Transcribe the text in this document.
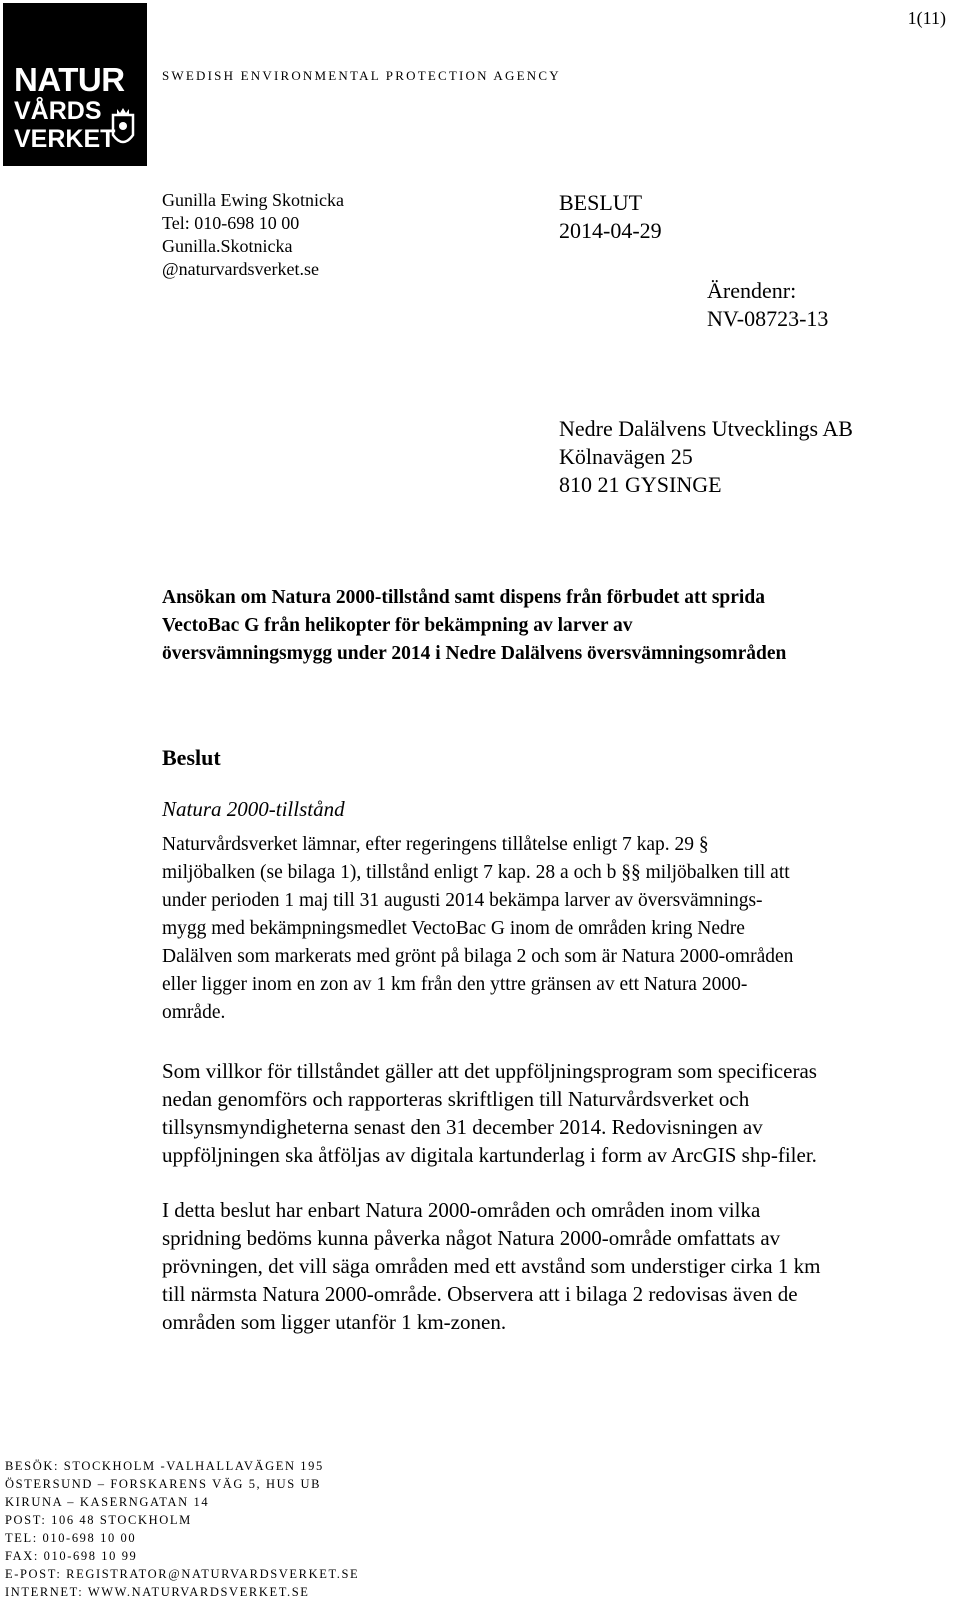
1(11)
NATUR
VÅRDS
VERKET
SWEDISH ENVIRONMENTAL PROTECTION AGENCY
Gunilla Ewing Skotnicka
Tel: 010-698 10 00
Gunilla.Skotnicka
@naturvardsverket.se
BESLUT
2014-04-29
Ärendenr:
NV-08723-13
Nedre Dalälvens Utvecklings AB
Kölnavägen 25
810 21 GYSINGE
Ansökan om Natura 2000-tillstånd samt dispens från förbudet att sprida
VectoBac G från helikopter för bekämpning av larver av
översvämningsmygg under 2014 i Nedre Dalälvens översvämningsområden
Beslut
Natura 2000-tillstånd
Naturvårdsverket lämnar, efter regeringens tillåtelse enligt 7 kap. 29 §
miljöbalken (se bilaga 1), tillstånd enligt 7 kap. 28 a och b §§ miljöbalken till att
under perioden 1 maj till 31 augusti 2014 bekämpa larver av översvämnings-
mygg med bekämpningsmedlet VectoBac G inom de områden kring Nedre
Dalälven som markerats med grönt på bilaga 2 och som är Natura 2000-områden
eller ligger inom en zon av 1 km från den yttre gränsen av ett Natura 2000-
område.
Som villkor för tillståndet gäller att det uppföljningsprogram som specificeras
nedan genomförs och rapporteras skriftligen till Naturvårdsverket och
tillsynsmyndigheterna senast den 31 december 2014. Redovisningen av
uppföljningen ska åtföljas av digitala kartunderlag i form av ArcGIS shp-filer.
I detta beslut har enbart Natura 2000-områden och områden inom vilka
spridning bedöms kunna påverka något Natura 2000-område omfattats av
prövningen, det vill säga områden med ett avstånd som understiger cirka 1 km
till närmsta Natura 2000-område. Observera att i bilaga 2 redovisas även de
områden som ligger utanför 1 km-zonen.
BESÖK: STOCKHOLM -VALHALLAVÄGEN 195
ÖSTERSUND – FORSKARENS VÄG 5, HUS UB
KIRUNA – KASERNGATAN 14
POST: 106 48 STOCKHOLM
TEL: 010-698 10 00
FAX: 010-698 10 99
E-POST: REGISTRATOR@NATURVARDSVERKET.SE
INTERNET: WWW.NATURVARDSVERKET.SE
